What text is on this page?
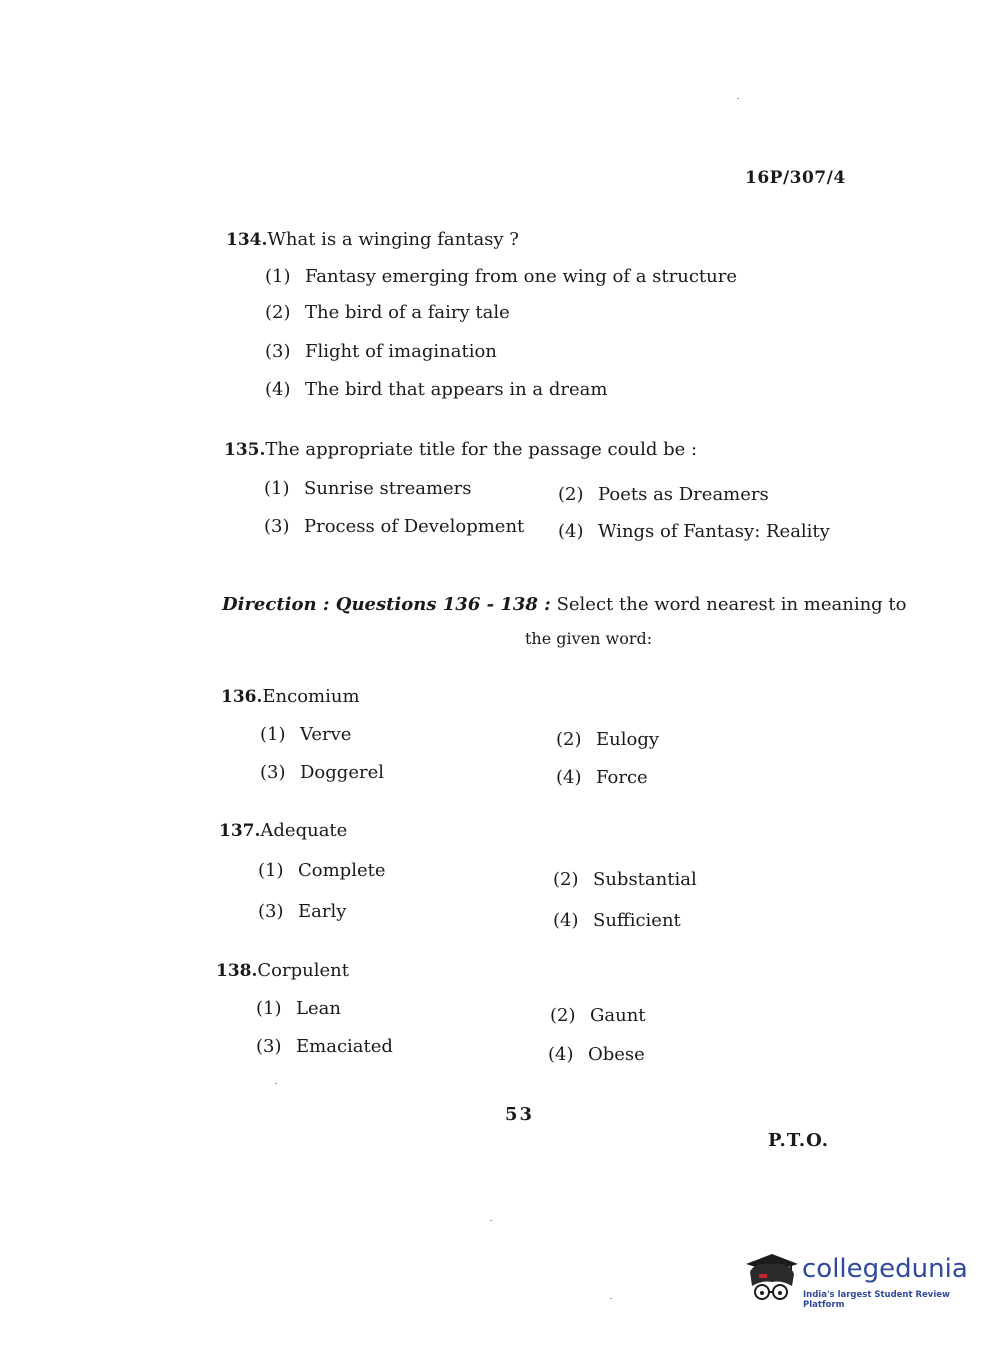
16P/307/4
134.What is a winging fantasy ?
(1) Fantasy emerging from one wing of a structure
(2) The bird of a fairy tale
(3) Flight of imagination
(4) The bird that appears in a dream
135.The appropriate title for the passage could be :
(1) Sunrise streamers	(2) Poets as Dreamers
(3) Process of Development (4) Wings of Fantasy: Reality
Direction : Questions 136 - 138 : Select the word nearest in meaning to
the given word:
136.Encomium
(1) Verve	(2) Eulogy
(3) Doggerel	(4) Force
137.Adequate
(1) Complete	(2) Substantial
(3) Early	(4) Sufficient
138.Corpulent
(1) Lean	(2) Gaunt
(3) Emaciated	(4) Obese
53
P.T.O.
collegedunia
India's largest Student Review Platform
